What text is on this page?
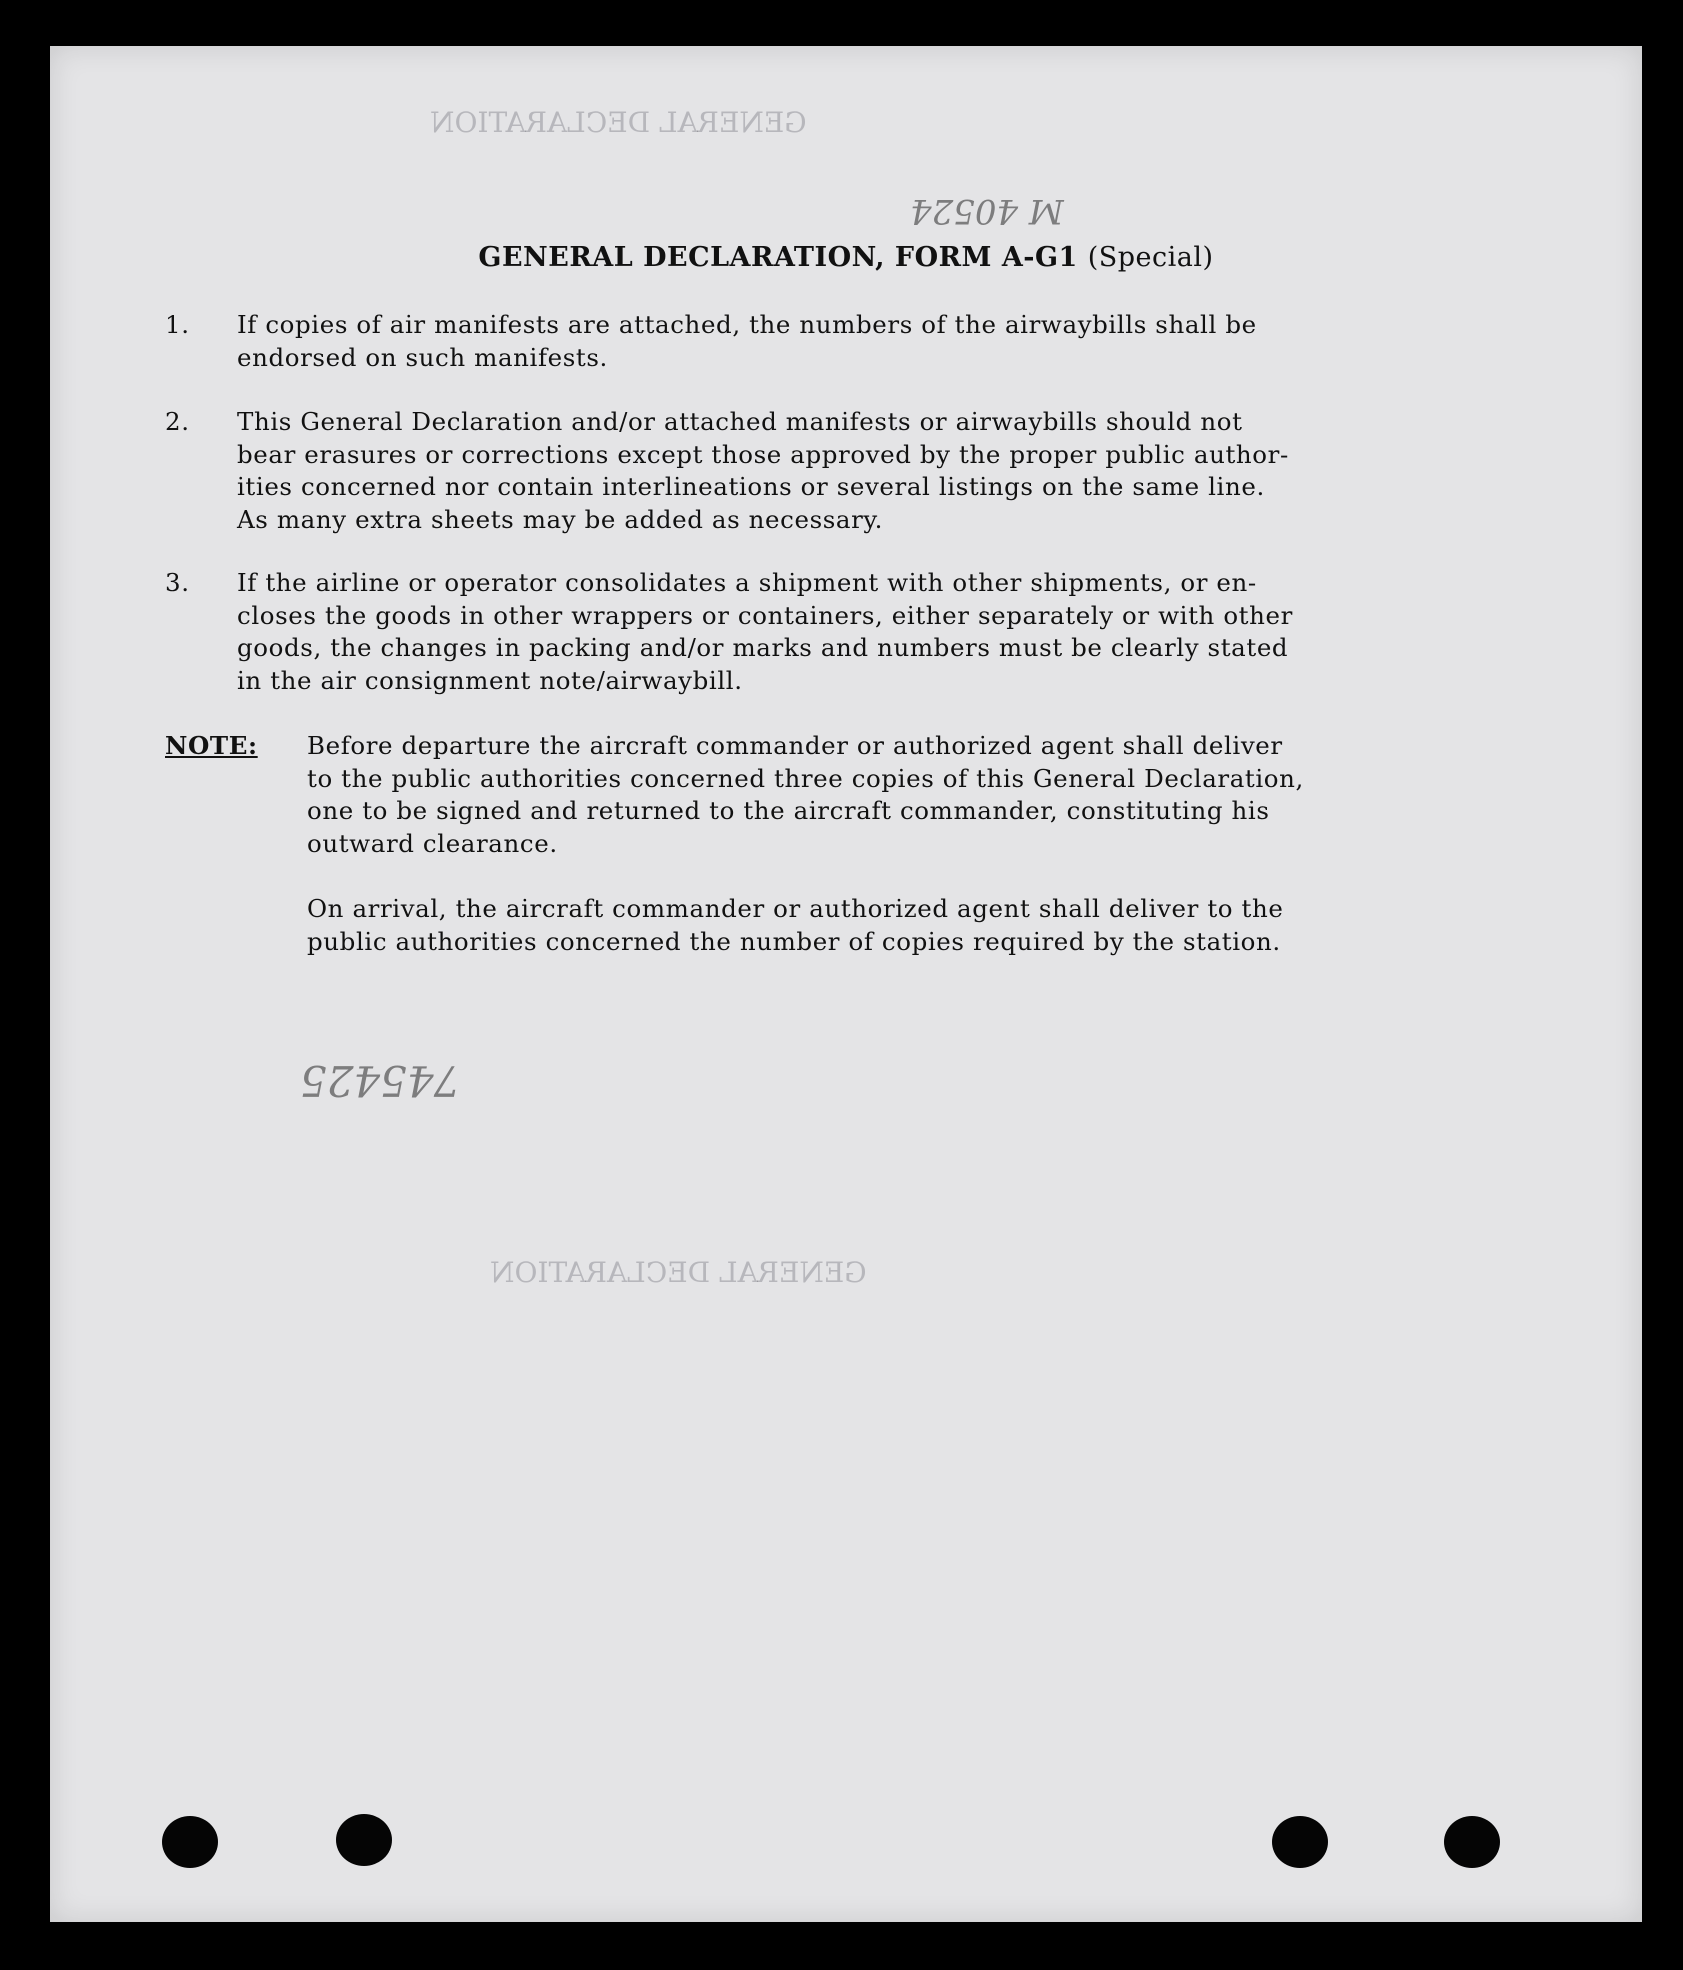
GENERAL DECLARATION
GENERAL DECLARATION
M 40524
745425
GENERAL DECLARATION, FORM A-G1 (Special)
1.	If copies of air manifests are attached, the numbers of the airwaybills shall be
endorsed on such manifests.
2.	This General Declaration and/or attached manifests or airwaybills should not
bear erasures or corrections except those approved by the proper public author-
ities concerned nor contain interlineations or several listings on the same line.
As many extra sheets may be added as necessary.
3.	If the airline or operator consolidates a shipment with other shipments, or en-
closes the goods in other wrappers or containers, either separately or with other
goods, the changes in packing and/or marks and numbers must be clearly stated
in the air consignment note/airwaybill.
NOTE: Before departure the aircraft commander or authorized agent shall deliver
to the public authorities concerned three copies of this General Declaration,
one to be signed and returned to the aircraft commander, constituting his
outward clearance.
On arrival, the aircraft commander or authorized agent shall deliver to the
public authorities concerned the number of copies required by the station.
